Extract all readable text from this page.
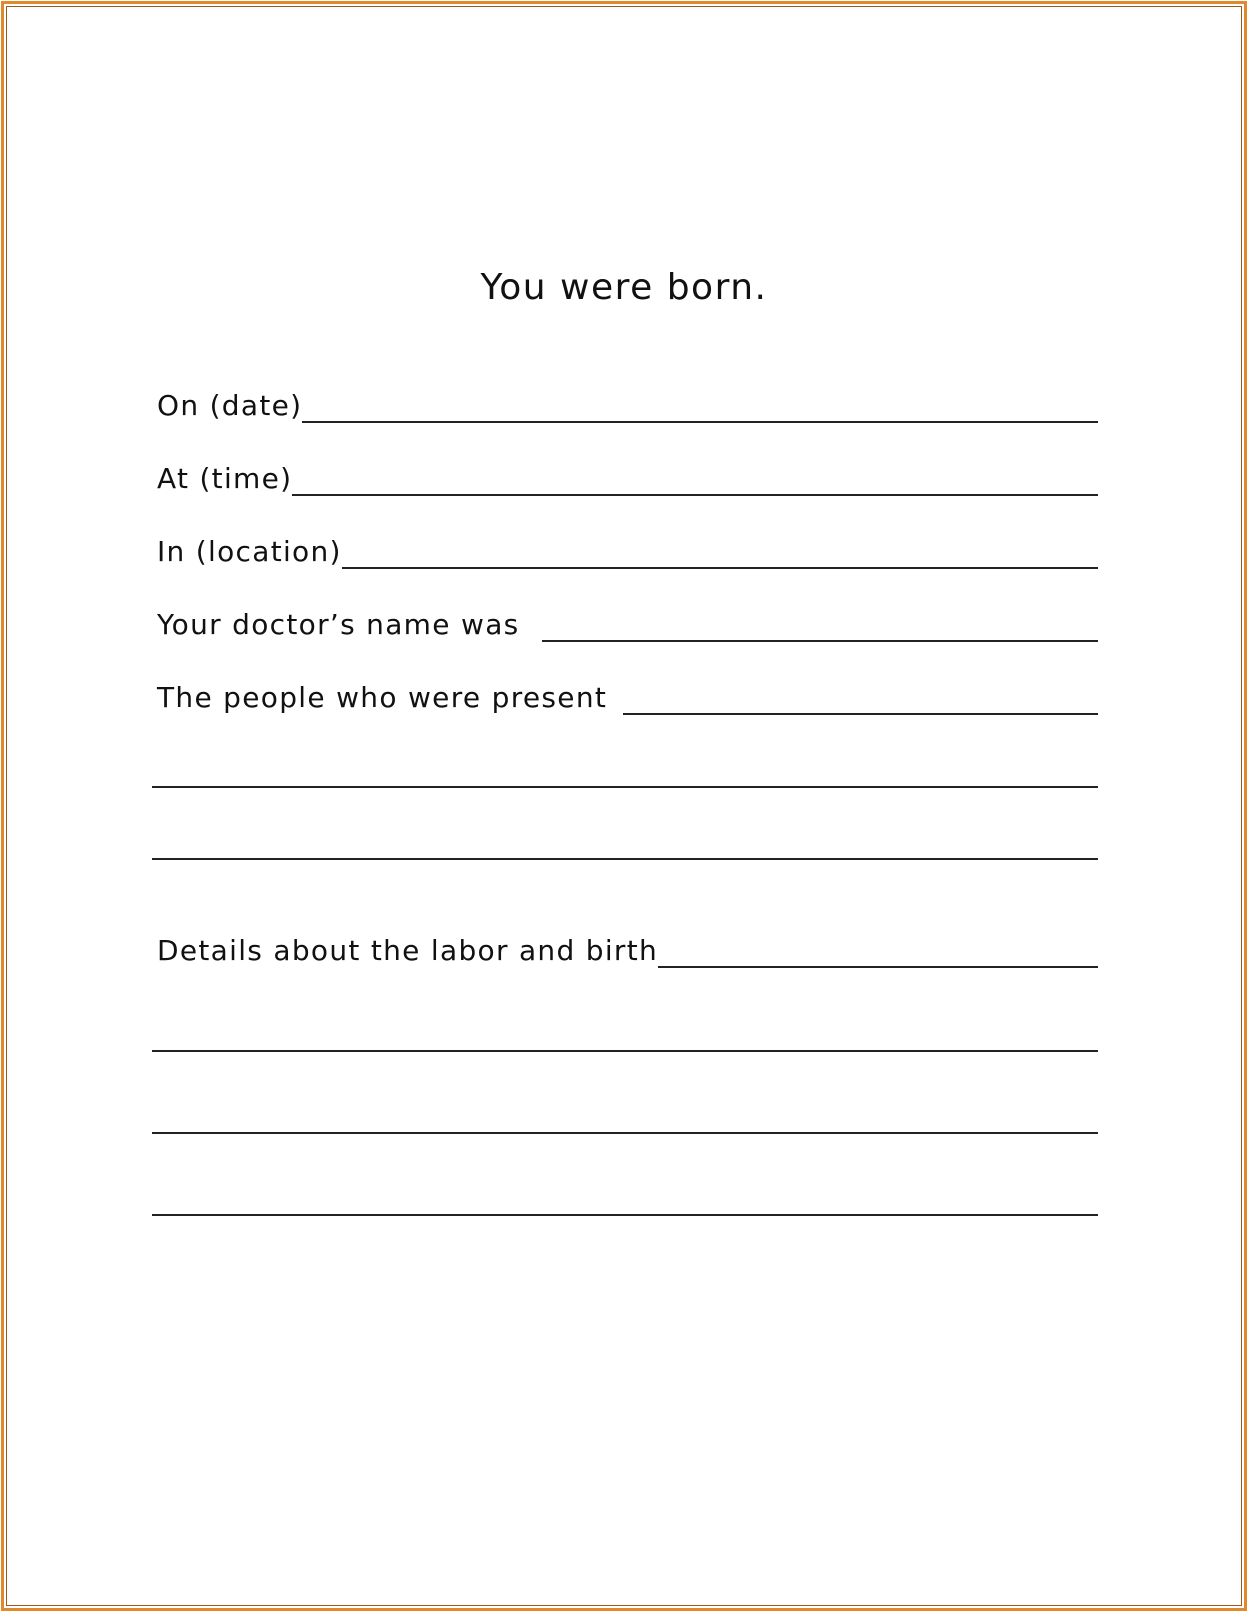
You were born.
On (date)
At (time)
In (location)
Your doctor’s name was
The people who were present
Details about the labor and birth
